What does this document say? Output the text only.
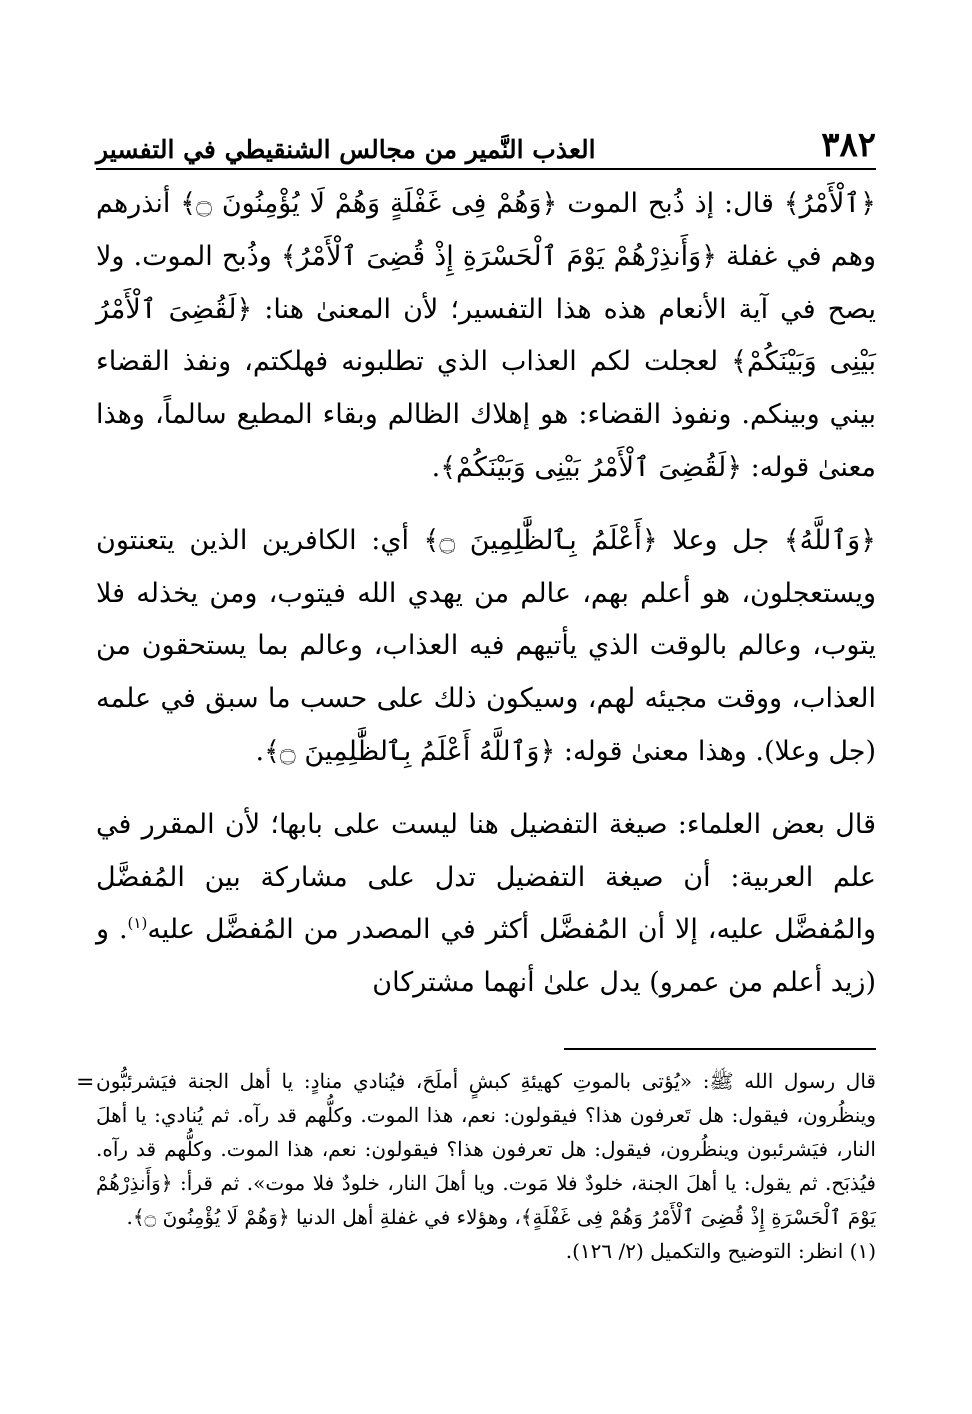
٣٨٢
العذب النَّمير من مجالس الشنقيطي في التفسير

﴿ٱلْأَمْرُ﴾ قال: إذ ذُبح الموت ﴿وَهُمْ فِى غَفْلَةٍ وَهُمْ لَا يُؤْمِنُونَ ۝﴾ أنذرهم وهم في غفلة ﴿وَأَنذِرْهُمْ يَوْمَ ٱلْحَسْرَةِ إِذْ قُضِىَ ٱلْأَمْرُ﴾ وذُبح الموت. ولا يصح في آية الأنعام هذه هذا التفسير؛ لأن المعنىٰ هنا: ﴿لَقُضِىَ ٱلْأَمْرُ بَيْنِى وَبَيْنَكُمْ﴾ لعجلت لكم العذاب الذي تطلبونه فهلكتم، ونفذ القضاء بيني وبينكم. ونفوذ القضاء: هو إهلاك الظالم وبقاء المطيع سالماً، وهذا معنىٰ قوله: ﴿لَقُضِىَ ٱلْأَمْرُ بَيْنِى وَبَيْنَكُمْ﴾.

﴿وَٱللَّهُ﴾ جل وعلا ﴿أَعْلَمُ بِٱلظَّٰلِمِينَ ۝﴾ أي: الكافرين الذين يتعنتون ويستعجلون، هو أعلم بهم، عالم من يهدي الله فيتوب، ومن يخذله فلا يتوب، وعالم بالوقت الذي يأتيهم فيه العذاب، وعالم بما يستحقون من العذاب، ووقت مجيئه لهم، وسيكون ذلك على حسب ما سبق في علمه (جل وعلا). وهذا معنىٰ قوله: ﴿وَٱللَّهُ أَعْلَمُ بِٱلظَّٰلِمِينَ ۝﴾.

قال بعض العلماء: صيغة التفضيل هنا ليست على بابها؛ لأن المقرر في علم العربية: أن صيغة التفضيل تدل على مشاركة بين المُفضَّل والمُفضَّل عليه، إلا أن المُفضَّل أكثر في المصدر من المُفضَّل عليه$^{(١)}$. و (زيد أعلم من عمرو) يدل علىٰ أنهما مشتركان

= قال رسول الله ﷺ: «يُؤتى بالموتِ كهيئةِ كبشٍ أملَحَ، فيُنادي منادٍ: يا أهل الجنة فيَشرئبُّون وينظُرون، فيقول: هل تَعرفون هذا؟ فيقولون: نعم، هذا الموت. وكلُّهم قد رآه. ثم يُنادي: يا أهلَ النار، فيَشرئبون وينظُرون، فيقول: هل تعرفون هذا؟ فيقولون: نعم، هذا الموت. وكلُّهم قد رآه. فيُذبَح. ثم يقول: يا أهلَ الجنة، خلودٌ فلا مَوت. ويا أهلَ النار، خلودٌ فلا موت». ثم قرأ: ﴿وَأَنذِرْهُمْ يَوْمَ ٱلْحَسْرَةِ إِذْ قُضِىَ ٱلْأَمْرُ وَهُمْ فِى غَفْلَةٍ﴾، وهؤلاء في غفلةِ أهل الدنيا ﴿وَهُمْ لَا يُؤْمِنُونَ ۝﴾.

(١) انظر: التوضيح والتكميل (٢/ ١٢٦).
